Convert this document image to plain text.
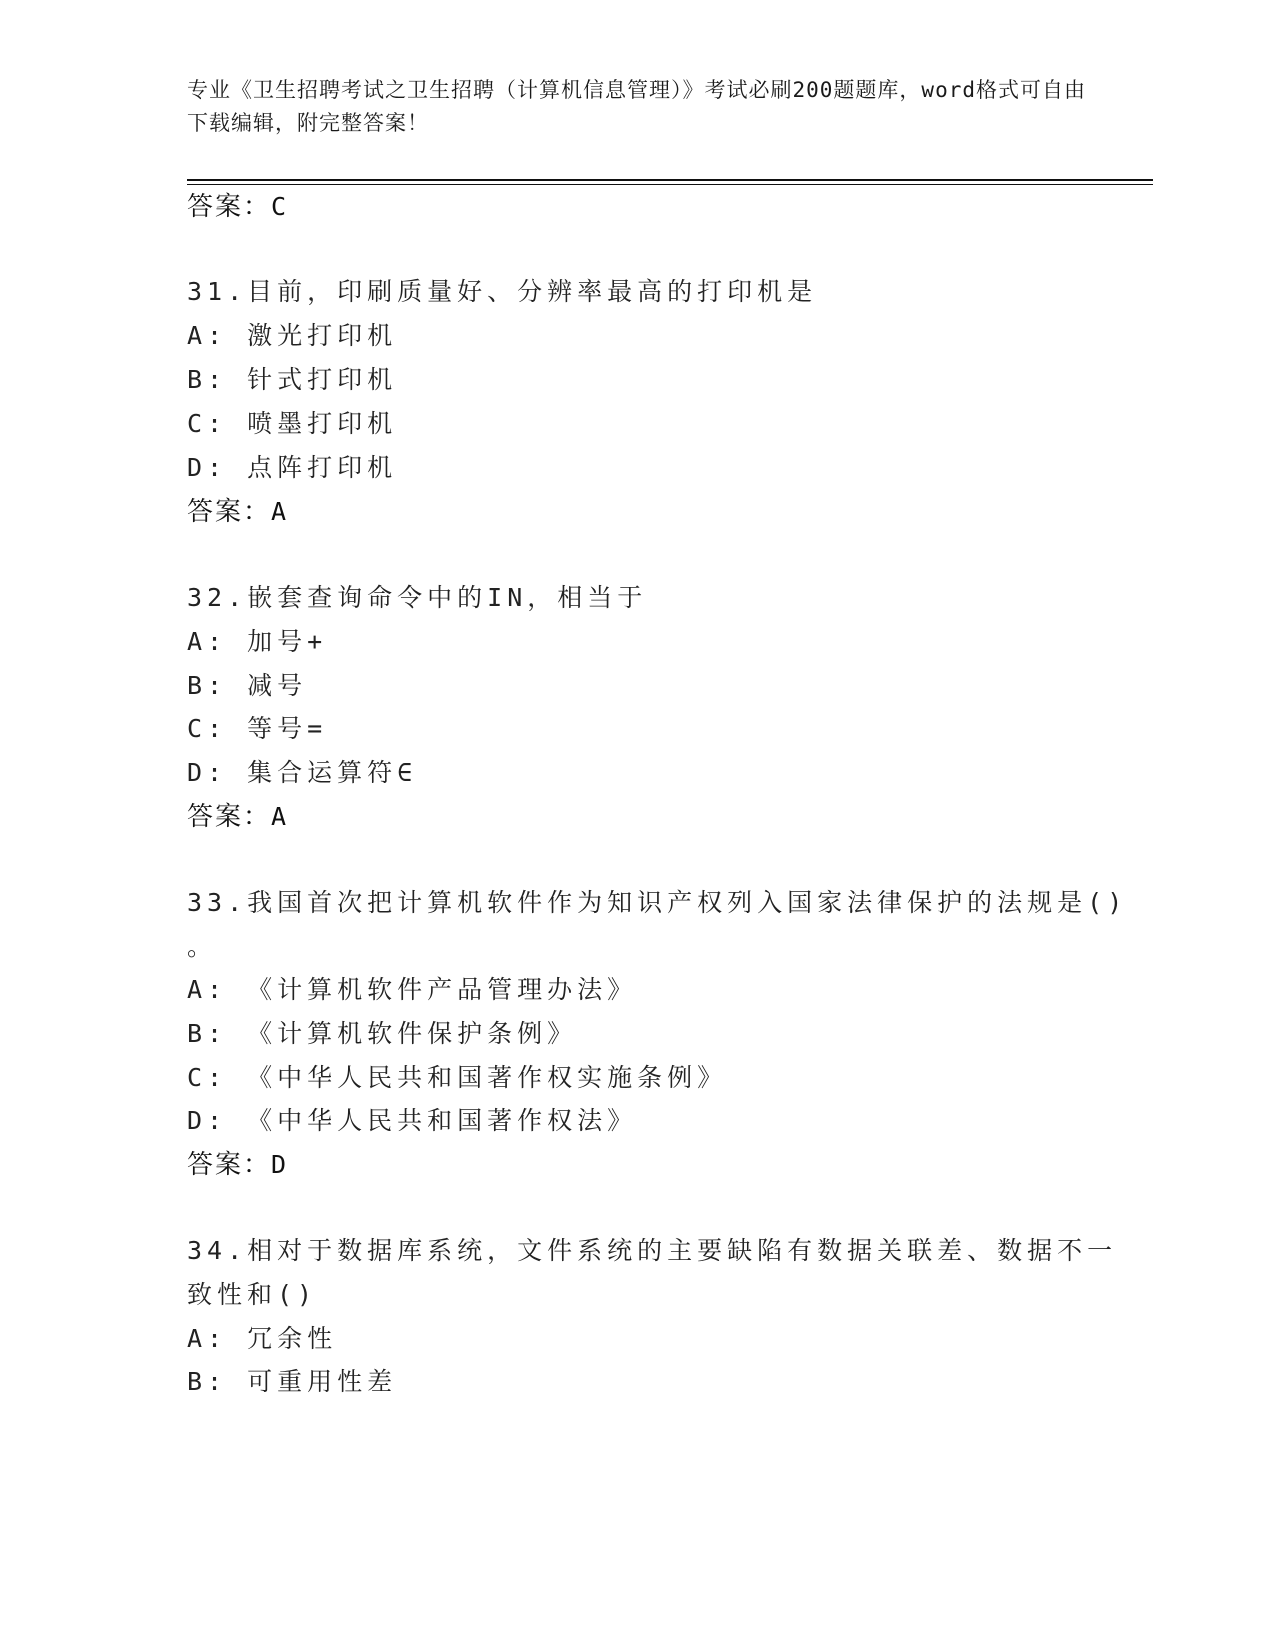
专业《卫生招聘考试之卫生招聘（计算机信息管理）》考试必刷200题题库，word格式可自由下载编辑，附完整答案！
答案：C
31.目前，印刷质量好、分辨率最高的打印机是
A: 激光打印机
B: 针式打印机
C: 喷墨打印机
D: 点阵打印机
答案：A
32.嵌套查询命令中的IN，相当于
A: 加号+
B: 减号
C: 等号=
D: 集合运算符∈
答案：A
33.我国首次把计算机软件作为知识产权列入国家法律保护的法规是()
。
A: 《计算机软件产品管理办法》
B: 《计算机软件保护条例》
C: 《中华人民共和国著作权实施条例》
D: 《中华人民共和国著作权法》
答案：D
34.相对于数据库系统，文件系统的主要缺陷有数据关联差、数据不一
致性和()
A: 冗余性
B: 可重用性差
